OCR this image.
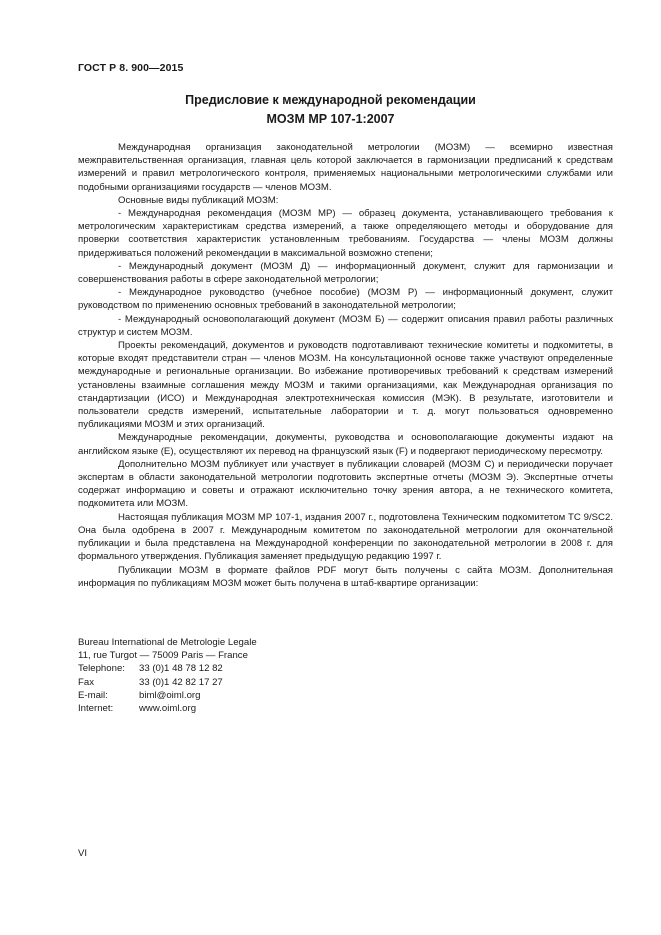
ГОСТ Р 8. 900—2015
Предисловие к международной рекомендации
МОЗМ МР 107-1:2007

Международная организация законодательной метрологии (МОЗМ) — всемирно известная межправительственная организация, главная цель которой заключается в гармонизации предписаний к средствам измерений и правил метрологического контроля, применяемых национальными метрологическими службами или подобными организациями государств — членов МОЗМ.

Основные виды публикаций МОЗМ:

- Международная рекомендация (МОЗМ МР) — образец документа, устанавливающего требования к метрологическим характеристикам средства измерений, а также определяющего методы и оборудование для проверки соответствия характеристик установленным требованиям. Государства — члены МОЗМ должны придерживаться положений рекомендации в максимальной возможно степени;

- Международный документ (МОЗМ Д) — информационный документ, служит для гармонизации и совершенствования работы в сфере законодательной метрологии;

- Международное руководство (учебное пособие) (МОЗМ Р) — информационный документ, служит руководством по применению основных требований в законодательной метрологии;

- Международный основополагающий документ (МОЗМ Б) — содержит описания правил работы различных структур и систем МОЗМ.

Проекты рекомендаций, документов и руководств подготавливают технические комитеты и подкомитеты, в которые входят представители стран — членов МОЗМ. На консультационной основе также участвуют определенные международные и региональные организации. Во избежание противоречивых требований к средствам измерений установлены взаимные соглашения между МОЗМ и такими организациями, как Международная организация по стандартизации (ИСО) и Международная электротехническая комиссия (МЭК). В результате, изготовители и пользователи средств измерений, испытательные лаборатории и т. д. могут пользоваться одновременно публикациями МОЗМ и этих организаций.

Международные рекомендации, документы, руководства и основополагающие документы издают на английском языке (Е), осуществляют их перевод на французский язык (F) и подвергают периодическому пересмотру.

Дополнительно МОЗМ публикует или участвует в публикации словарей (МОЗМ С) и периодически поручает экспертам в области законодательной метрологии подготовить экспертные отчеты (МОЗМ Э). Экспертные отчеты содержат информацию и советы и отражают исключительно точку зрения автора, а не технического комитета, подкомитета или МОЗМ.

Настоящая публикация МОЗМ МР 107-1, издания 2007 г., подготовлена Техническим подкомитетом ТС 9/SC2. Она была одобрена в 2007 г. Международным комитетом по законодательной метрологии для окончательной публикации и была представлена на Международной конференции по законодательной метрологии в 2008 г. для формального утверждения. Публикация заменяет предыдущую редакцию 1997 г.

Публикации МОЗМ в формате файлов PDF могут быть получены с сайта МОЗМ. Дополнительная информация по публикациям МОЗМ может быть получена в штаб-квартире организации:

Bureau International de Metrologie Legale
11, rue Turgot — 75009 Paris — France
Telephone: 33 (0)1 48 78 12 82
Fax	33 (0)1 42 82 17 27
E-mail:	biml@oiml.org
Internet:	www.oiml.org
VI
